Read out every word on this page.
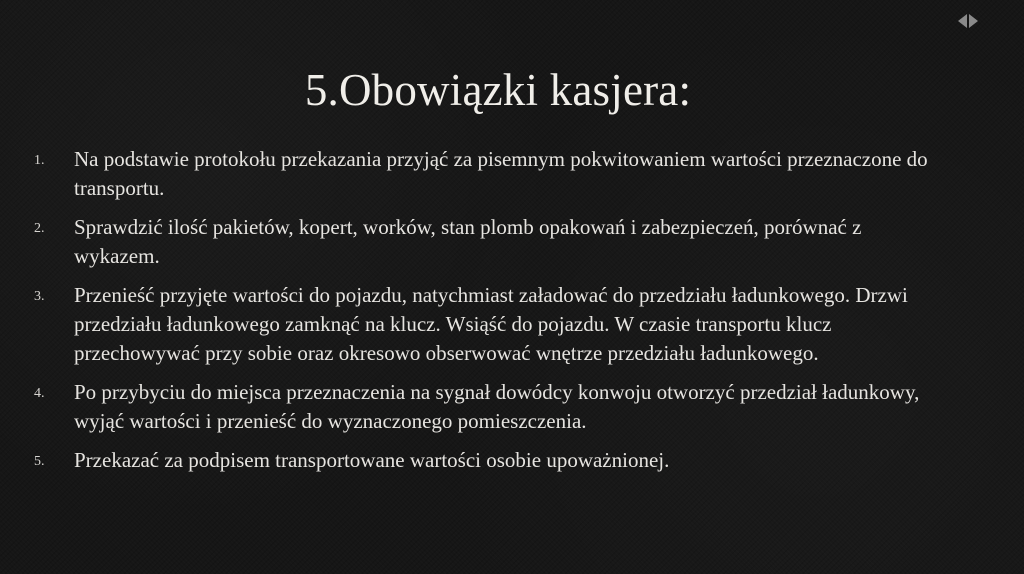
5.Obowiązki kasjera:
1. Na podstawie protokołu przekazania przyjąć za pisemnym pokwitowaniem wartości przeznaczone do transportu.
2. Sprawdzić ilość pakietów, kopert, worków, stan plomb opakowań i zabezpieczeń, porównać z wykazem.
3. Przenieść przyjęte wartości do pojazdu, natychmiast załadować do przedziału ładunkowego. Drzwi przedziału ładunkowego zamknąć na klucz. Wsiąść do pojazdu. W czasie transportu klucz przechowywać przy sobie oraz okresowo obserwować wnętrze przedziału ładunkowego.
4. Po przybyciu do miejsca przeznaczenia na sygnał dowódcy konwoju otworzyć przedział ładunkowy, wyjąć wartości i przenieść do wyznaczonego pomieszczenia.
5. Przekazać za podpisem transportowane wartości osobie upoważnionej.
